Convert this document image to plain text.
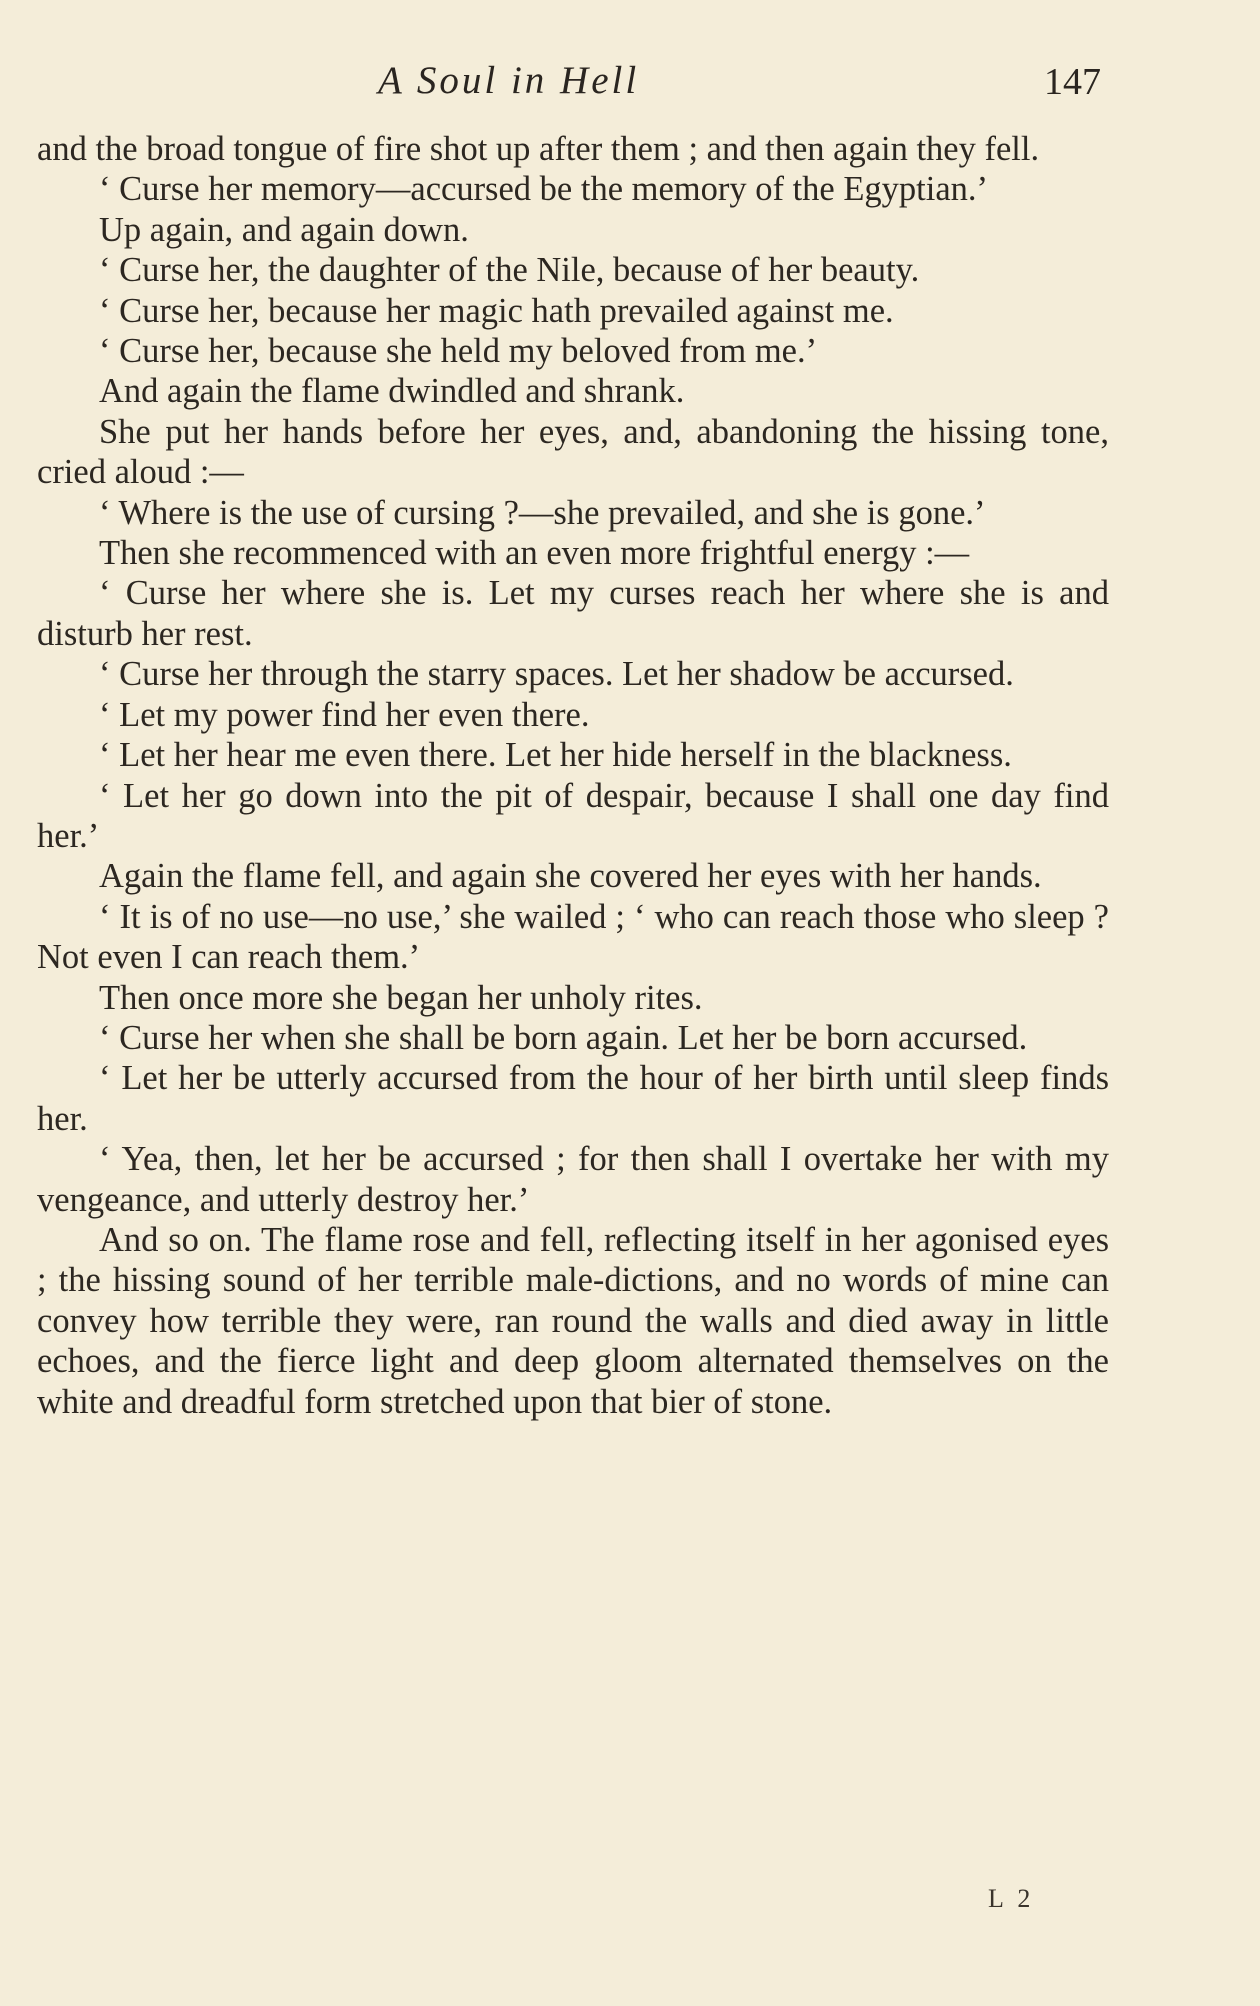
A Soul in Hell	147

and the broad tongue of fire shot up after them ; and then again they fell.

‘ Curse her memory—accursed be the memory of the Egyptian.’

Up again, and again down.

‘ Curse her, the daughter of the Nile, because of her beauty.

‘ Curse her, because her magic hath prevailed against me.

‘ Curse her, because she held my beloved from me.’

And again the flame dwindled and shrank.

She put her hands before her eyes, and, abandoning the hissing tone, cried aloud :—

‘ Where is the use of cursing ?—she prevailed, and she is gone.’

Then she recommenced with an even more frightful energy :—

‘ Curse her where she is. Let my curses reach her where she is and disturb her rest.

‘ Curse her through the starry spaces. Let her shadow be accursed.

‘ Let my power find her even there.

‘ Let her hear me even there. Let her hide herself in the blackness.

‘ Let her go down into the pit of despair, because I shall one day find her.’

Again the flame fell, and again she covered her eyes with her hands.

‘ It is of no use—no use,’ she wailed ; ‘ who can reach those who sleep ? Not even I can reach them.’

Then once more she began her unholy rites.

‘ Curse her when she shall be born again. Let her be born accursed.

‘ Let her be utterly accursed from the hour of her birth until sleep finds her.

‘ Yea, then, let her be accursed ; for then shall I overtake her with my vengeance, and utterly destroy her.’

And so on. The flame rose and fell, reflecting itself in her agonised eyes ; the hissing sound of her terrible male-dictions, and no words of mine can convey how terrible they were, ran round the walls and died away in little echoes, and the fierce light and deep gloom alternated themselves on the white and dreadful form stretched upon that bier of stone.

L 2
